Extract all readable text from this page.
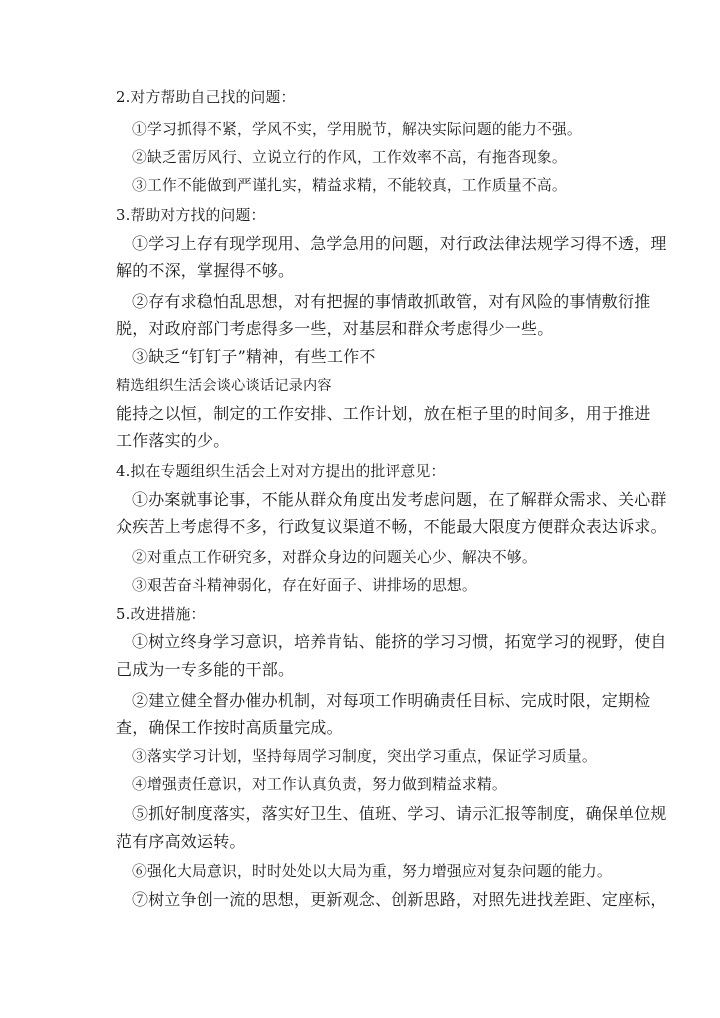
2.对方帮助自己找的问题：
①学习抓得不紧，学风不实，学用脱节，解决实际问题的能力不强。
②缺乏雷厉风行、立说立行的作风，工作效率不高，有拖沓现象。
③工作不能做到严谨扎实，精益求精，不能较真，工作质量不高。
3.帮助对方找的问题：
①学习上存有现学现用、急学急用的问题，对行政法律法规学习得不透，理
解的不深，掌握得不够。
②存有求稳怕乱思想，对有把握的事情敢抓敢管，对有风险的事情敷衍推
脱，对政府部门考虑得多一些，对基层和群众考虑得少一些。
③缺乏“钉钉子”精神，有些工作不
精选组织生活会谈心谈话记录内容
能持之以恒，制定的工作安排、工作计划，放在柜子里的时间多，用于推进
工作落实的少。
4.拟在专题组织生活会上对对方提出的批评意见：
①办案就事论事，不能从群众角度出发考虑问题，在了解群众需求、关心群
众疾苦上考虑得不多，行政复议渠道不畅，不能最大限度方便群众表达诉求。
②对重点工作研究多，对群众身边的问题关心少、解决不够。
③艰苦奋斗精神弱化，存在好面子、讲排场的思想。
5.改进措施：
①树立终身学习意识，培养肯钻、能挤的学习习惯，拓宽学习的视野，使自
己成为一专多能的干部。
②建立健全督办催办机制，对每项工作明确责任目标、完成时限，定期检
查，确保工作按时高质量完成。
③落实学习计划，坚持每周学习制度，突出学习重点，保证学习质量。
④增强责任意识，对工作认真负责，努力做到精益求精。
⑤抓好制度落实，落实好卫生、值班、学习、请示汇报等制度，确保单位规
范有序高效运转。
⑥强化大局意识，时时处处以大局为重，努力增强应对复杂问题的能力。
⑦树立争创一流的思想，更新观念、创新思路，对照先进找差距、定座标，
